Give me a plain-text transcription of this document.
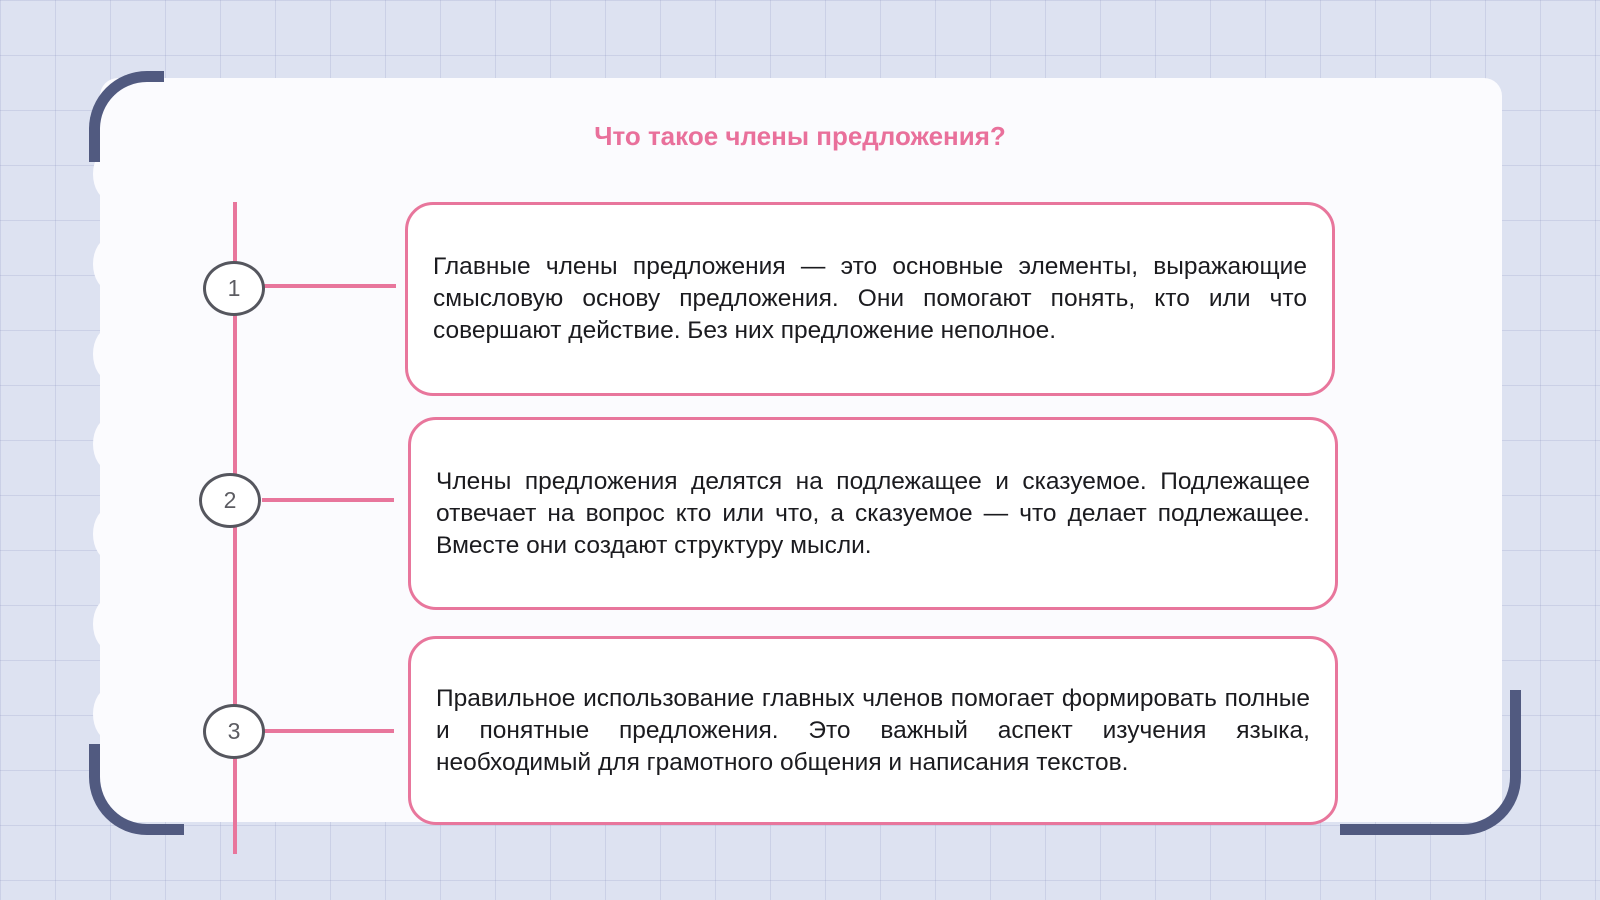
Что такое члены предложения?
1
2
3

Главные члены предложения — это основные элементы, выражающие смысловую основу предложения. Они помогают понять, кто или что совершают действие. Без них предложение неполное.

Члены предложения делятся на подлежащее и сказуемое. Подлежащее отвечает на вопрос кто или что, а сказуемое — что делает подлежащее. Вместе они создают структуру мысли.

Правильное использование главных членов помогает формировать полные и понятные предложения. Это важный аспект изучения языка, необходимый для грамотного общения и написания текстов.
